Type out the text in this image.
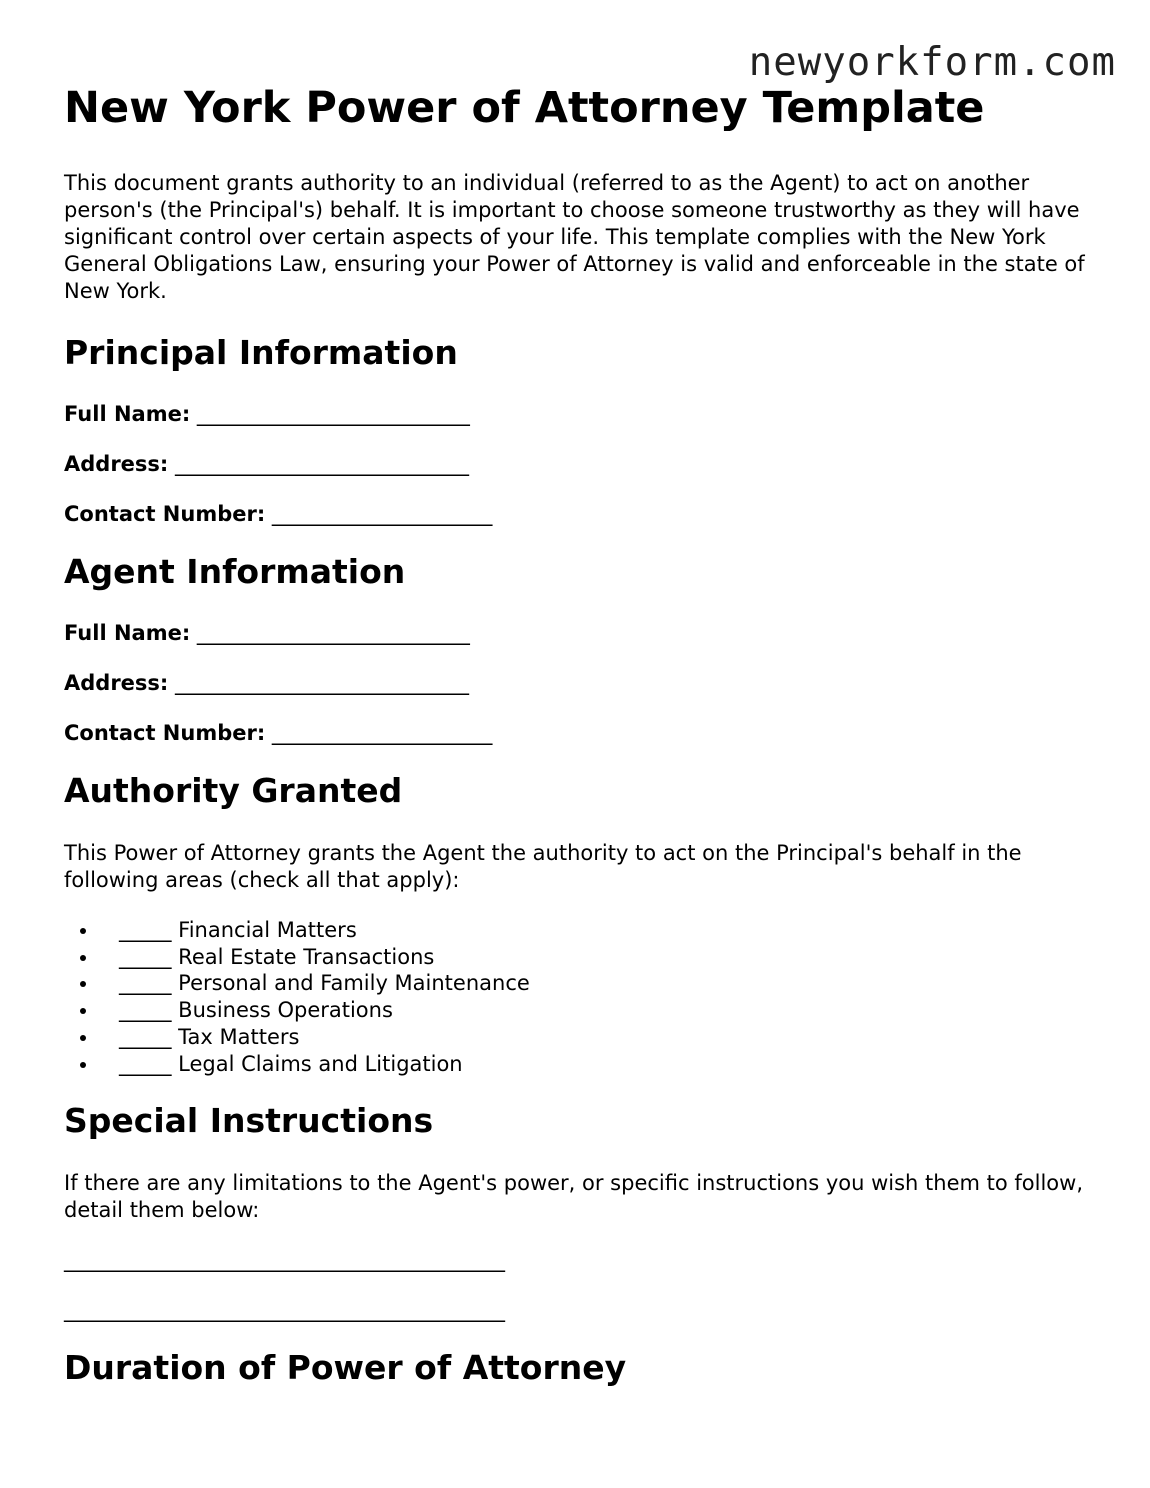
newyorkform.com
New York Power of Attorney Template

This document grants authority to an individual (referred to as the Agent) to act on another person's (the Principal's) behalf. It is important to choose someone trustworthy as they will have significant control over certain aspects of your life. This template complies with the New York General Obligations Law, ensuring your Power of Attorney is valid and enforceable in the state of New York.

Principal Information

Full Name: __________________________

Address: ____________________________

Contact Number: _____________________

Agent Information

Full Name: __________________________

Address: ____________________________

Contact Number: _____________________

Authority Granted

This Power of Attorney grants the Agent the authority to act on the Principal's behalf in the following areas (check all that apply):

• _____ Financial Matters
• _____ Real Estate Transactions
• _____ Personal and Family Maintenance
• _____ Business Operations
• _____ Tax Matters
• _____ Legal Claims and Litigation
Special Instructions

If there are any limitations to the Agent's power, or specific instructions you wish them to follow, detail them below:

__________________________________________

__________________________________________

Duration of Power of Attorney
